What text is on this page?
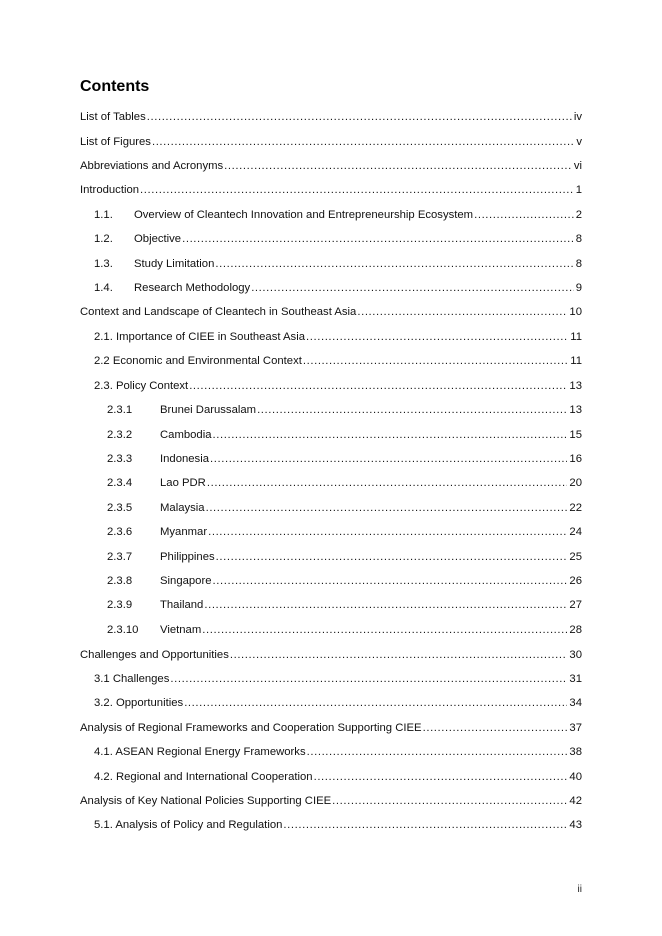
Contents
List of Tables .....	iv
List of Figures .....	v
Abbreviations and Acronyms .....	vi
Introduction .....	1
1.1.	Overview of Cleantech Innovation and Entrepreneurship Ecosystem .....	2
1.2.	Objective .....	8
1.3.	Study Limitation .....	8
1.4.	Research Methodology .....	9
Context and Landscape of Cleantech in Southeast Asia .....	10
2.1. Importance of CIEE in Southeast Asia .....	11
2.2 Economic and Environmental Context .....	11
2.3. Policy Context .....	13
2.3.1	Brunei Darussalam .....	13
2.3.2	Cambodia .....	15
2.3.3	Indonesia .....	16
2.3.4	Lao PDR .....	20
2.3.5	Malaysia .....	22
2.3.6	Myanmar .....	24
2.3.7	Philippines .....	25
2.3.8	Singapore .....	26
2.3.9	Thailand .....	27
2.3.10	Vietnam .....	28
Challenges and Opportunities .....	30
3.1 Challenges .....	31
3.2. Opportunities .....	34
Analysis of Regional Frameworks and Cooperation Supporting CIEE .....	37
4.1. ASEAN Regional Energy Frameworks .....	38
4.2. Regional and International Cooperation .....	40
Analysis of Key National Policies Supporting CIEE .....	42
5.1. Analysis of Policy and Regulation .....	43
ii
